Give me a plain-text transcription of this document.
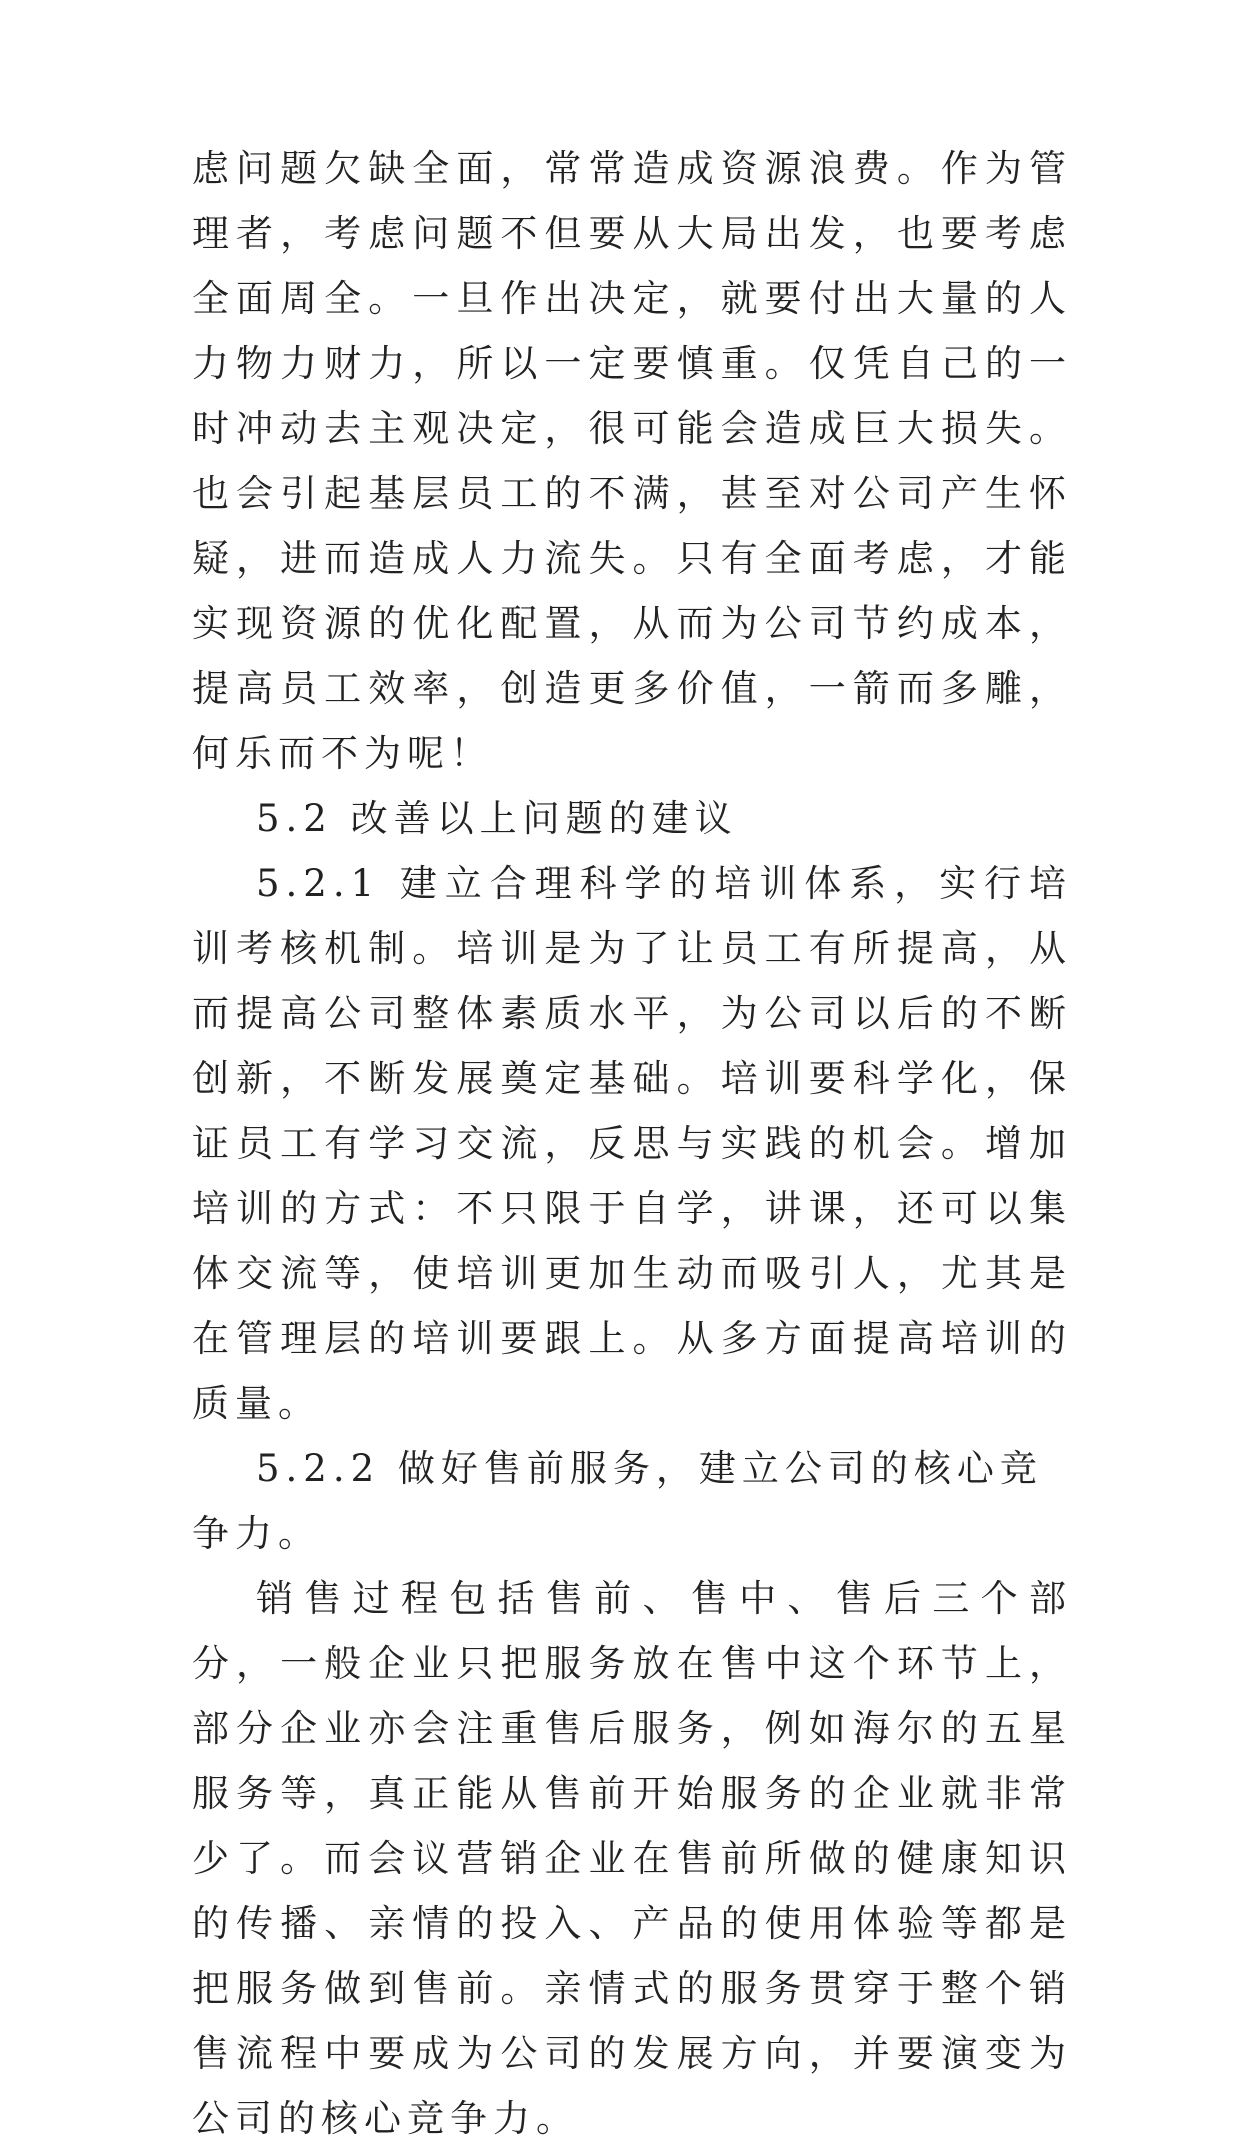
虑问题欠缺全面，常常造成资源浪费。作为管理者，考虑问题不但要从大局出发，也要考虑全面周全。一旦作出决定，就要付出大量的人力物力财力，所以一定要慎重。仅凭自己的一时冲动去主观决定，很可能会造成巨大损失。也会引起基层员工的不满，甚至对公司产生怀疑，进而造成人力流失。只有全面考虑，才能实现资源的优化配置，从而为公司节约成本，提高员工效率，创造更多价值，一箭而多雕，何乐而不为呢！

5.2 改善以上问题的建议

5.2.1 建立合理科学的培训体系，实行培训考核机制。培训是为了让员工有所提高，从而提高公司整体素质水平，为公司以后的不断创新，不断发展奠定基础。培训要科学化，保证员工有学习交流，反思与实践的机会。增加培训的方式：不只限于自学，讲课，还可以集体交流等，使培训更加生动而吸引人，尤其是在管理层的培训要跟上。从多方面提高培训的质量。

5.2.2 做好售前服务，建立公司的核心竞争力。

销售过程包括售前、售中、售后三个部分，一般企业只把服务放在售中这个环节上，部分企业亦会注重售后服务，例如海尔的五星服务等，真正能从售前开始服务的企业就非常少了。而会议营销企业在售前所做的健康知识的传播、亲情的投入、产品的使用体验等都是把服务做到售前。亲情式的服务贯穿于整个销售流程中要成为公司的发展方向，并要演变为公司的核心竞争力。
